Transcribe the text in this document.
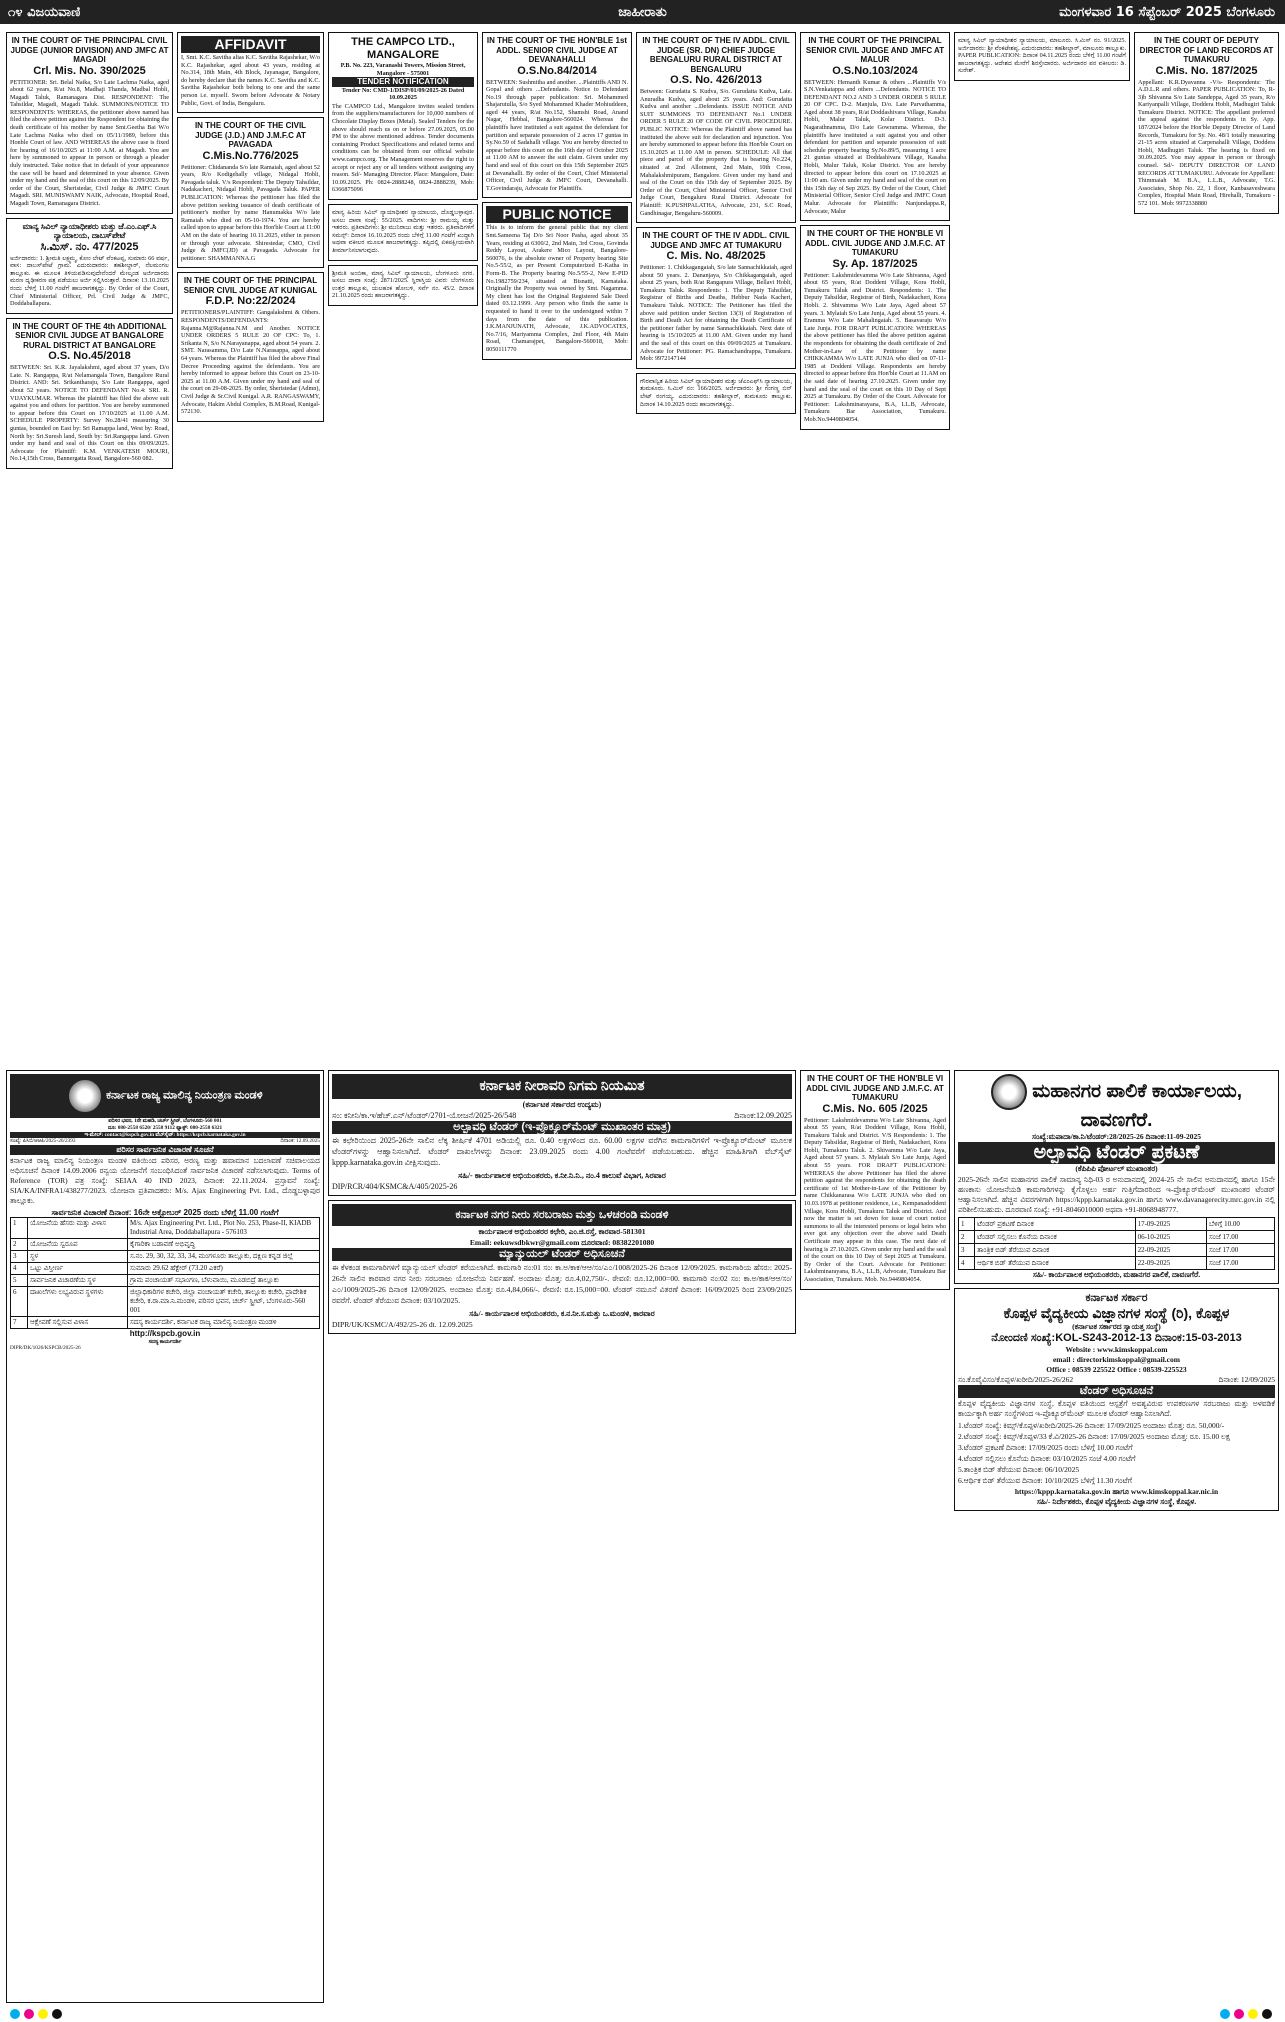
೧೪ ವಿಜಯವಾಣಿ	ಜಾಹೀರಾತು	ಮಂಗಳವಾರ 16 ಸೆಪ್ಟೆಂಬರ್ 2025 ಬೆಂಗಳೂರು
IN THE COURT OF THE PRINCIPAL CIVIL JUDGE (JUNIOR DIVISION) AND JMFC AT MAGADI
Crl. Mis. No. 390/2025

PETITIONER: Sri. Belal Naika, S/o Late Lachma Naika, aged about 62 years, R/at No.8, Madhaji Thanda, Madbal Hobli, Magadi Taluk, Ramanagara Dist. RESPONDENT: The Tahsildar, Magadi, Magadi Taluk. SUMMONS/NOTICE TO RESPONDENTS: WHEREAS, the petitioner above named has filed the above petition against the Respondent for obtaining the death certificate of his mother by name Smt.Geetha Bai W/o Late Lachma Naika who died on 05/11/1989, before this Honble Court of law. AND WHEREAS the above case is fixed for hearing of 16/10/2025 at 11:00 A.M. at Magadi. You are here by summoned to appear in person or through a pleader duly instructed. Take notice that in default of your appearance the case will be heard and determined in your absence. Given under my hand and the seal of this court on this 12/09/2025. By order of the Court, Sheristedar, Civil Judge & JMFC Court Magadi. SRI. MUNISWAMY NAIK, Advocate, Hospital Road, Magadi Town, Ramanagara District.

ಮಾನ್ಯ ಸಿವಿಲ್ ನ್ಯಾಯಾಧೀಶರು ಮತ್ತು ಜೆ.ಎಂ.ಎಫ್.ಸಿ ನ್ಯಾಯಾಲಯ, ದಾಬಸ್‌ಪೇಟೆ
ಸಿ.ಮಿಸ್. ನಂ. 477/2025

ಅರ್ಜಿದಾರರು: 1. ಶ್ರೀಮತಿ ಲಕ್ಷ್ಮಮ್ಮ, ಕೋಂ ಲೇಟ್ ವೆಂಕಟಪ್ಪ, ಸುಮಾರು 66 ವರ್ಷ, ವಾಸ: ದಾಬಸ್‌ಪೇಟೆ ಗ್ರಾಮ. ಎದುರುದಾರರು: ತಹಶೀಲ್ದಾರ್, ನೆಲಮಂಗಲ ತಾಲ್ಲೂಕು. ಈ ಮೂಲಕ ತಿಳಿಯಪಡಿಸುವುದೇನೆಂದರೆ ಮೇಲ್ಕಂಡ ಅರ್ಜಿದಾರರು ಮರಣ ದೃಢೀಕರಣ ಪತ್ರ ಪಡೆಯಲು ಅರ್ಜಿ ಸಲ್ಲಿಸಿರುತ್ತಾರೆ. ದಿನಾಂಕ: 13.10.2025 ರಂದು ಬೆಳಿಗ್ಗೆ 11.00 ಗಂಟೆಗೆ ಹಾಜರಾಗತಕ್ಕದ್ದು. By Order of the Court, Chief Ministerial Officer, Prl. Civil Judge & JMFC, Doddaballapura.

IN THE COURT OF THE 4th ADDITIONAL SENIOR CIVIL JUDGE AT BANGALORE RURAL DISTRICT AT BANGALORE
O.S. No.45/2018

BETWEEN: Sri. K.R. Jayalakshmi, aged about 37 years, D/o Late. N. Rangappa, R/at Nelamangala Town, Bangalore Rural District. AND: Sri. Srikantharaju, S/o Late Rangappa, aged about 52 years. NOTICE TO DEFENDANT No.4: SRI. R. VIJAYKUMAR. Whereas the plaintiff has filed the above suit against you and others for partition. You are hereby summoned to appear before this Court on 17/10/2025 at 11.00 A.M. SCHEDULE PROPERTY: Survey No.28/41 measuring 30 guntas, bounded on East by: Sri Ramappa land, West by: Road, North by: Sri.Suresh land, South by: Sri.Rangappa land. Given under my hand and seal of this Court on this 09/09/2025. Advocate for Plaintiff: K.M. VENKATESH MOURI, No.14,15th Cross, Bannergatta Road, Bangalore-560 082.

AFFIDAVIT

I, Smt. K.C. Savitha alias K.C. Savitha Rajashekar, W/o K.C. Rajashekar, aged about 43 years, residing at No.314, 18th Main, 4th Block, Jayanagar, Bangalore, do hereby declare that the names K.C. Savitha and K.C. Savitha Rajashekar both belong to one and the same person i.e. myself. Sworn before Advocate & Notary Public, Govt. of India, Bengaluru.

IN THE COURT OF THE CIVIL JUDGE (J.D.) AND J.M.F.C AT PAVAGADA
C.Mis.No.776/2025

Petitioner: Chidananda S/o late Ramaiah, aged about 52 years, R/o Kodigehally village, Nidagal Hobli, Pavagada taluk. V/s Respondent: The Deputy Tahsildar, Nadakacheri, Nidagal Hobli, Pavagada Taluk. PAPER PUBLICATION: Whereas the petitioner has filed the above petition seeking issuance of death certificate of petitioner's mother by name Hanumakka W/o late Ramaiah who died on 05-10-1974. You are hereby called upon to appear before this Hon'ble Court at 11:00 AM on the date of hearing 10.11.2025, either in person or through your advocate. Shirestedar, CMO, Civil Judge & JMFC(JD) at Pavagada. Advocate for petitioner: SHAMMANNA.G

IN THE COURT OF THE PRINCIPAL SENIOR CIVIL JUDGE AT KUNIGAL
F.D.P. No:22/2024

PETITIONERS/PLAINTIFF: Gangalakshmi & Others. RESPONDENTS/DEFENDANTS: Rajanna.M@Rajanna.N.M and Another. NOTICE UNDER ORDERS 5 RULE 20 OF CPC: To, 1. Srikanta N, S/o N.Narayanappa, aged about 54 years. 2. SMT. Narasamma, D/o Late N.Narasappa, aged about 64 years. Whereas the Plaintiff has filed the above Final Decree Proceeding against the defendants. You are hereby informed to appear before this Court on 23-10-2025 at 11.00 A.M. Given under my hand and seal of the court on 29-08-2025. By order, Sheristedar (Admn), Civil Judge & Sr.Civil Kunigal. A.R. RANGASWAMY, Advocate, Hakim Abdul Complex, B.M.Road, Kunigal-572130.

THE CAMPCO LTD., MANGALORE
P.B. No. 223, Varanashi Towers, Mission Street, Mangalore - 575001
TENDER NOTIFICATION
Tender No: CMD-1/DISP/01/09/2025-26 Dated 10.09.2025

The CAMPCO Ltd., Mangalore invites sealed tenders from the suppliers/manufacturers for 10,000 numbers of Chocolate Display Boxes (Metal). Sealed Tenders for the above should reach us on or before 27.09.2025, 05.00 PM to the above mentioned address. Tender documents containing Product Specifications and related terms and conditions can be obtained from our official website www.campco.org. The Management reserves the right to accept or reject any or all tenders without assigning any reason. Sd/- Managing Director. Place: Mangalore, Date: 10.09.2025. Ph: 0824-2888248, 0824-2888239, Mob: 6366875096

ಮಾನ್ಯ ಹಿರಿಯ ಸಿವಿಲ್ ನ್ಯಾಯಾಧೀಶರ ನ್ಯಾಯಾಲಯ, ದೊಡ್ಡಬಳ್ಳಾಪುರ. ಅಸಲು ದಾವಾ ಸಂಖ್ಯೆ: 55/2025. ವಾದಿಗಳು: ಶ್ರೀ ರಾಮಯ್ಯ ಮತ್ತು ಇತರರು. ಪ್ರತಿವಾದಿಗಳು: ಶ್ರೀ ಮುನಿರಾಜು ಮತ್ತು ಇತರರು. ಪ್ರತಿವಾದಿಗಳಿಗೆ ಸಮನ್ಸ್: ದಿನಾಂಕ 16.10.2025 ರಂದು ಬೆಳಿಗ್ಗೆ 11.00 ಗಂಟೆಗೆ ಖುದ್ದಾಗಿ ಅಥವಾ ವಕೀಲರ ಮೂಲಕ ಹಾಜರಾಗತಕ್ಕದ್ದು. ತಪ್ಪಿದಲ್ಲಿ ಏಕಪಕ್ಷೀಯವಾಗಿ ತೀರ್ಮಾನಿಸಲಾಗುವುದು.

ಶ್ರೀಮತಿ ಅಂಬಿಕಾ, ಮಾನ್ಯ ಸಿವಿಲ್ ನ್ಯಾಯಾಲಯ, ಬೆಂಗಳೂರು ನಗರ. ಅಸಲು ದಾವಾ ಸಂಖ್ಯೆ: 2871/2025. ಸ್ಥಿರಾಸ್ತಿಯ ವಿವರ: ಬೆಂಗಳೂರು ಉತ್ತರ ತಾಲ್ಲೂಕು, ಯಲಹಂಕ ಹೋಬಳಿ, ಸರ್ವೆ ನಂ. 45/2. ದಿನಾಂಕ 21.10.2025 ರಂದು ಹಾಜರಾಗತಕ್ಕದ್ದು.

IN THE COURT OF THE HON'BLE 1st ADDL. SENIOR CIVIL JUDGE AT DEVANAHALLI
O.S.No.84/2014

BETWEEN: Sushmitha and another. ...Plaintiffs AND N. Gopal and others ...Defendants. Notice to Defendant No.19 through paper publication: Sri. Mohammed Shajarutulla, S/o Syed Mohammed Khader Mohiuddeen, aged 44 years, R/at No.152, Shamshi Road, Anand Nagar, Hebbal, Bangalore-560024. Whereas the plaintiffs have instituted a suit against the defendant for partition and separate possession of 2 acres 17 guntas in Sy.No.59 of Sadahalli village. You are hereby directed to appear before this court on the 16th day of October 2025 at 11.00 AM to answer the suit claim. Given under my hand and seal of this court on this 15th September 2025 at Devanahalli. By order of the Court, Chief Ministerial Officer, Civil Judge & JMFC Court, Devanahalli. T.Govindaraju, Advocate for Plaintiffs.

PUBLIC NOTICE

This is to inform the general public that my client Smt.Sameena Taj D/o Sri Noor Pasha, aged about 35 Years, residing at 6300/2, 2nd Main, 3rd Cross, Govinda Reddy Layout, Arakere Mico Layout, Bangalore-560076, is the absolute owner of Property bearing Site No.5-55/2, as per Present Computerized E-Katha in Form-B. The Property bearing No.5/55-2, New E-PID No.1982759/234, situated at Bisnatti, Karnataka. Originally the Property was owned by Smt. Nagamma. My client has lost the Original Registered Sale Deed dated 03.12.1999. Any person who finds the same is requested to hand it over to the undersigned within 7 days from the date of this publication. J.K.MANJUNATH, Advocate, J.K.ADVOCATES, No.7/16, Mariyamma Complex, 2nd Floor, 4th Main Road, Chamarajpet, Bangalore-560018, Mob: 8050111770

IN THE COURT OF THE IV ADDL. CIVIL JUDGE (SR. DN) CHIEF JUDGE BENGALURU RURAL DISTRICT AT BENGALURU
O.S. No. 426/2013

Between: Gurudatta S. Kudva, S/o. Gurudatta Kudva, Late. Anuradha Kudva, aged about 25 years. And: Gurudatta Kudva and another ...Defendants. ISSUE NOTICE AND SUIT SUMMONS TO DEFENDANT No.1 UNDER ORDER 5 RULE 20 OF CODE OF CIVIL PROCEDURE. PUBLIC NOTICE: Whereas the Plaintiff above named has instituted the above suit for declaration and injunction. You are hereby summoned to appear before this Hon'ble Court on 15.10.2025 at 11.00 AM in person. SCHEDULE: All that piece and parcel of the property that is bearing No.224, situated at 2nd Allotment, 2nd Main, 10th Cross, Mahalakshmipuram, Bangalore. Given under my hand and seal of the Court on this 15th day of September 2025. By Order of the Court, Chief Ministerial Officer, Senior Civil Judge Court, Bengaluru Rural District. Advocate for Plaintiff: K.PUSHPALATHA, Advocate, 231, S.C Road, Gandhinagar, Bengaluru-560009.

IN THE COURT OF THE IV ADDL. CIVIL JUDGE AND JMFC AT TUMAKURU
C. Mis. No. 48/2025

Petitioner: 1. Chikkagangaiah, S/o late Sannachikkaiah, aged about 50 years. 2. Dananjaya, S/o Chikkagangaiah, aged about 25 years, both R/at Rangapura Village, Bellavi Hobli, Tumakuru Taluk. Respondents: 1. The Deputy Tahsildar, Registrar of Births and Deaths, Hebbur Nada Kacheri, Tumakuru Taluk. NOTICE: The Petitioner has filed the above said petition under Section 13(3) of Registration of Birth and Death Act for obtaining the Death Certificate of the petitioner father by name Sannachikkaiah. Next date of hearing is 15/10/2025 at 11.00 AM. Given under my hand and the seal of this court on this 09/09/2025 at Tumakuru. Advocate for Petitioner: PG. Ramachandrappa, Tumakuru. Mob: 9972147144

ಗೌರವಾನ್ವಿತ ಹಿರಿಯ ಸಿವಿಲ್ ನ್ಯಾಯಾಧೀಶರ ಮತ್ತು ಜೆಎಂಎಫ್‌ಸಿ ನ್ಯಾಯಾಲಯ, ತುಮಕೂರು. ಸಿ.ಮಿಸ್ ನಂ: 166/2025. ಅರ್ಜಿದಾರರು: ಶ್ರೀ ಗಂಗಣ್ಣ ಬಿನ್ ಲೇಟ್ ರಂಗಯ್ಯ. ಎದುರುದಾರರು: ತಹಶೀಲ್ದಾರ್, ತುಮಕೂರು ತಾಲ್ಲೂಕು. ದಿನಾಂಕ 14.10.2025 ರಂದು ಹಾಜರಾಗತಕ್ಕದ್ದು.

IN THE COURT OF THE PRINCIPAL SENIOR CIVIL JUDGE AND JMFC AT MALUR
O.S.No.103/2024

BETWEEN: Hemanth Kumar & others ...Plaintiffs V/s S.N.Venkatappa and others ...Defendants. NOTICE TO DEFENDANT NO.2 AND 3 UNDER ORDER 5 RULE 20 OF CPC. D-2. Manjula, D/o. Late Parvathamma, Aged about 38 years, R/at Doddashivara Village, Kasaba Hobli, Malur Taluk, Kolar District. D-3. Nagarathnamma, D/o Late Gowramma. Whereas, the plaintiffs have instituted a suit against you and other defendant for partition and separate possession of suit schedule property bearing Sy.No.89/5, measuring 1 acre 21 guntas situated at Doddashivara Village, Kasaba Hobli, Malur Taluk, Kolar District. You are hereby directed to appear before this court on 17.10.2025 at 11:00 am. Given under my hand and seal of the court on this 15th day of Sep 2025. By Order of the Court, Chief Ministerial Officer, Senior Civil Judge and JMFC Court Malur. Advocate for Plaintiffs: Nanjundappa.R, Advocate, Malur

IN THE COURT OF THE HON'BLE VI ADDL. CIVIL JUDGE AND J.M.F.C. AT TUMAKURU
Sy. Ap. 187/2025

Petitioner: Lakshmidevamma W/o Late Shivanna, Aged about 65 years, R/at Doddeni Village, Kora Hobli, Tumakuru Taluk and District. Respondents: 1. The Deputy Tahsildar, Registrar of Birth, Nadakacheri, Kora Hobli. 2. Shivamma W/o Late Jaya, Aged about 57 years. 3. Mylaiah S/o Late Junja, Aged about 55 years. 4. Eramma W/o Late Mahalingaiah. 5. Basavaraju W/o Late Junja. FOR DRAFT PUBLICATION: WHEREAS the above petitioner has filed the above petition against the respondents for obtaining the death certificate of 2nd Mother-in-Law of the Petitioner by name CHIKKAMMA W/o LATE JUNJA who died on 07-11-1985 at Doddeni Village. Respondents are hereby directed to appear before this Hon'ble Court at 11.AM on the said date of hearing 27.10.2025. Given under my hand and the seal of the court on this 10 Day of Sept 2025 at Tumakuru. By Order of the Court. Advocate for Petitioner: Lakshminarayana, B.A, LL.B, Advocate, Tumakuru Bar Association, Tumakuru. Mob.No.9449804054.

ಮಾನ್ಯ ಸಿವಿಲ್ ನ್ಯಾಯಾಧೀಶರ ನ್ಯಾಯಾಲಯ, ಮಾಲೂರು. ಸಿ.ಮಿಸ್ ನಂ. 91/2025. ಅರ್ಜಿದಾರರು: ಶ್ರೀ ವೆಂಕಟೇಶಪ್ಪ. ಎದುರುದಾರರು: ತಹಶೀಲ್ದಾರ್, ಮಾಲೂರು ತಾಲ್ಲೂಕು. PAPER PUBLICATION: ದಿನಾಂಕ 04.11.2025 ರಂದು ಬೆಳಿಗ್ಗೆ 11.00 ಗಂಟೆಗೆ ಹಾಜರಾಗತಕ್ಕದ್ದು. ಆದೇಶದ ಮೇರೆಗೆ ಶಿರಸ್ತೇದಾರರು. ಅರ್ಜಿದಾರರ ಪರ ವಕೀಲರು: ಡಿ. ಸುರೇಶ್.

IN THE COURT OF DEPUTY DIRECTOR OF LAND RECORDS AT TUMAKURU
C.Mis. No. 187/2025

Appellant: K.R.Dyavanna -V/s- Respondents: The A.D.L.R and others. PAPER PUBLICATION: To, R-3)b Shivanna S/o Late Sandeppa, Aged 35 years, R/o Kariyanpalli Village, Doddera Hobli, Madhugiri Taluk Tumakuru District. NOTICE: The appellant preferred the appeal against the respondents in Sy. App. 187/2024 before the Hon'ble Deputy Director of Land Records, Tumakuru for Sy. No. 48/1 totally measuring 21-15 acres situated at Carpenahalli Village, Doddera Hobli, Madhugiri Taluk. The hearing is fixed on 30.09.2025. You may appear in person or through counsel. Sd/- DEPUTY DIRECTOR OF LAND RECORDS AT TUMAKURU. Advocate for Appellant: Thimmaiah M. B.A., L.L.B., Advocate, T.G. Associates, Shop No. 22, 1 floor, Kanbasaveshwara Complex, Hospital Main Road, Hirehalli, Tumakuru - 572 101. Mob: 9972338880

ಕರ್ನಾಟಕ ರಾಜ್ಯ ಮಾಲಿನ್ಯ ನಿಯಂತ್ರಣ ಮಂಡಳಿ
ಪರಿಸರ ಭವನ, 1ನೇ ಮಹಡಿ, ಚರ್ಚ್ ಸ್ಟ್ರೀಟ್, ಬೆಂಗಳೂರು-560 001
ದೂ: 080-2558 6520/ 2558 9112 ಫ್ಯಾಕ್ಸ್: 080-2558 6321
ಇ-ಮೇಲ್: contact@kspcb.gov.in ವೆಬ್‌ಸೈಟ್: https://kspcb.karnataka.gov.in
ಸಂಖ್ಯೆ: ಪಿಸಿಬಿ/ಆಆಪಿ/2025-26/2393	ದಿನಾಂಕ: 12.09.2025
ಪರಿಸರ ಸಾರ್ವಜನಿಕ ವಿಚಾರಣೆ ಸೂಚನೆ

ಕರ್ನಾಟಕ ರಾಜ್ಯ ಮಾಲಿನ್ಯ ನಿಯಂತ್ರಣ ಮಂಡಳಿ ವತಿಯಿಂದ ಪರಿಸರ, ಅರಣ್ಯ ಮತ್ತು ಹವಾಮಾನ ಬದಲಾವಣೆ ಸಚಿವಾಲಯದ ಅಧಿಸೂಚನೆ ದಿನಾಂಕ 14.09.2006 ರನ್ವಯ ಯೋಜನೆಗೆ ಸಂಬಂಧಿಸಿದಂತೆ ಸಾರ್ವಜನಿಕ ವಿಚಾರಣೆ ನಡೆಸಲಾಗುವುದು. Terms of Reference (TOR) ಪತ್ರ ಸಂಖ್ಯೆ: SEIAA 40 IND 2023, ದಿನಾಂಕ: 22.11.2024. ಪ್ರಸ್ತಾವನೆ ಸಂಖ್ಯೆ: SIA/KA/INFRA1/438277/2023. ಯೋಜನಾ ಪ್ರತಿಪಾದಕರು: M/s. Ajax Engineering Pvt. Ltd., ದೊಡ್ಡಬಳ್ಳಾಪುರ ತಾಲ್ಲೂಕು.

ಸಾರ್ವಜನಿಕ ವಿಚಾರಣೆ ದಿನಾಂಕ: 16ನೇ ಅಕ್ಟೋಬರ್ 2025 ರಂದು ಬೆಳಿಗ್ಗೆ 11.00 ಗಂಟೆಗೆ
1	ಯೋಜನೆಯ ಹೆಸರು ಮತ್ತು ವಿಳಾಸ	M/s. Ajax Engineering Pvt. Ltd., Plot No. 253, Phase-II, KIADB Industrial Area, Doddaballapura - 576103
2	ಯೋಜನೆಯ ಸ್ವರೂಪ	ಕೈಗಾರಿಕಾ ಬಡಾವಣೆ ಅಭಿವೃದ್ಧಿ
3	ಸ್ಥಳ	ಸ.ನಂ. 29, 30, 32, 33, 34, ಮಂಗಳೂರು ತಾಲ್ಲೂಕು, ದಕ್ಷಿಣ ಕನ್ನಡ ಜಿಲ್ಲೆ
4	ಒಟ್ಟು ವಿಸ್ತೀರ್ಣ	ಸುಮಾರು 29.62 ಹೆಕ್ಟೇರ್ (73.20 ಎಕರೆ)
5	ಸಾರ್ವಜನಿಕ ವಿಚಾರಣೆಯ ಸ್ಥಳ	ಗ್ರಾಮ ಪಂಚಾಯತ್ ಸಭಾಂಗಣ, ಬೆಳುವಾಯಿ, ಮೂಡಬಿದ್ರೆ ತಾಲ್ಲೂಕು
6	ದಾಖಲೆಗಳು ಲಭ್ಯವಿರುವ ಸ್ಥಳಗಳು	ಜಿಲ್ಲಾಧಿಕಾರಿಗಳ ಕಚೇರಿ, ಜಿಲ್ಲಾ ಪಂಚಾಯತ್ ಕಚೇರಿ, ತಾಲ್ಲೂಕು ಕಚೇರಿ, ಪ್ರಾದೇಶಿಕ ಕಚೇರಿ, ಕ.ರಾ.ಮಾ.ನಿ.ಮಂಡಳಿ, ಪರಿಸರ ಭವನ, ಚರ್ಚ್ ಸ್ಟ್ರೀಟ್, ಬೆಂಗಳೂರು-560 001
7	ಆಕ್ಷೇಪಣೆ ಸಲ್ಲಿಸುವ ವಿಳಾಸ	ಸದಸ್ಯ ಕಾರ್ಯದರ್ಶಿ, ಕರ್ನಾಟಕ ರಾಜ್ಯ ಮಾಲಿನ್ಯ ನಿಯಂತ್ರಣ ಮಂಡಳಿ
http://kspcb.gov.in
ಸದಸ್ಯ ಕಾರ್ಯದರ್ಶಿ
DIPR/DK/1026/KSPCB/2025-26
ಕರ್ನಾಟಕ ನೀರಾವರಿ ನಿಗಮ ನಿಯಮಿತ
(ಕರ್ನಾಟಕ ಸರ್ಕಾರದ ಉದ್ಯಮ)
ಸಂ: ಕನೀನಿ/ಕಾ.ಇ/ಹೆಚ್.ಎನ್/ಟೆಂಡರ್/2701-ಯೋಜನೆ/2025-26/548	ದಿನಾಂಕ:12.09.2025
ಅಲ್ಪಾವಧಿ ಟೆಂಡರ್ (ಇ-ಪ್ರೊಕ್ಯೂರ್‌ಮೆಂಟ್ ಮುಖಾಂತರ ಮಾತ್ರ)

ಈ ಕಛೇರಿಯಿಂದ 2025-26ನೇ ಸಾಲಿನ ಲೆಕ್ಕ ಶೀರ್ಷಿಕೆ 4701 ಅಡಿಯಲ್ಲಿ ರೂ. 0.40 ಲಕ್ಷಗಳಿಂದ ರೂ. 60.00 ಲಕ್ಷಗಳ ವರೆಗಿನ ಕಾಮಗಾರಿಗಳಿಗೆ ಇ-ಪ್ರೊಕ್ಯೂರ್‌ಮೆಂಟ್ ಮೂಲಕ ಟೆಂಡರ್‌ಗಳನ್ನು ಆಹ್ವಾನಿಸಲಾಗಿದೆ. ಟೆಂಡರ್ ದಾಖಲೆಗಳನ್ನು ದಿನಾಂಕ: 23.09.2025 ರಂದು 4.00 ಗಂಟೆವರೆಗೆ ಪಡೆಯಬಹುದು. ಹೆಚ್ಚಿನ ಮಾಹಿತಿಗಾಗಿ ವೆಬ್‌ಸೈಟ್ kppp.karnataka.gov.in ವೀಕ್ಷಿಸುವುದು.

ಸಹಿ/- ಕಾರ್ಯಪಾಲಕ ಅಭಿಯಂತರರು, ಕ.ನೀ.ನಿ.ನಿ., ನಂ.4 ಕಾಲುವೆ ವಿಭಾಗ, ಸಿರವಾರ
DIP/RCR/404/KSMC&A/405/2025-26
ಕರ್ನಾಟಕ ನಗರ ನೀರು ಸರಬರಾಜು ಮತ್ತು ಒಳಚರಂಡಿ ಮಂಡಳಿ
ಕಾರ್ಯಪಾಲಕ ಅಭಿಯಂತರರ ಕಛೇರಿ, ಎಂ.ಜಿ.ರಸ್ತೆ, ಕಾರವಾರ-581301
Email: eekuwsdbkwr@gmail.com ದೂರವಾಣಿ: 08382201080
ಮ್ಯಾನ್ಯುಯಲ್ ಟೆಂಡರ್ ಅಧಿಸೂಚನೆ

ಈ ಕೆಳಕಂಡ ಕಾಮಗಾರಿಗಳಿಗೆ ಮ್ಯಾನ್ಯುಯಲ್ ಟೆಂಡರ್ ಕರೆಯಲಾಗಿದೆ. ಕಾಮಗಾರಿ ನಂ:01 ಸಂ: ಕಾ.ಅ/ಕಾಕ/ಆಆ/ಸಂ/ಎ೦/1008/2025-26 ದಿನಾಂಕ 12/09/2025. ಕಾಮಗಾರಿಯ ಹೆಸರು: 2025-26ನೇ ಸಾಲಿನ ಕಾರವಾರ ನಗರ ನೀರು ಸರಬರಾಜು ಯೋಜನೆಯ ನಿರ್ವಹಣೆ. ಅಂದಾಜು ಮೊತ್ತ: ರೂ.4,02,750/-. ಠೇವಣಿ: ರೂ.12,000=00. ಕಾಮಗಾರಿ ನಂ:02 ಸಂ: ಕಾ.ಅ/ಕಾಕ/ಆಆ/ಸಂ/ಎ೦/1009/2025-26 ದಿನಾಂಕ 12/09/2025. ಅಂದಾಜು ಮೊತ್ತ: ರೂ.4,84,066/-. ಠೇವಣಿ: ರೂ.15,000=00. ಟೆಂಡರ್ ನಮೂನೆ ವಿತರಣೆ ದಿನಾಂಕ: 16/09/2025 ರಿಂದ 23/09/2025 ರವರೆಗೆ. ಟೆಂಡರ್ ತೆರೆಯುವ ದಿನಾಂಕ: 03/10/2025.

ಸಹಿ/- ಕಾರ್ಯಪಾಲಕ ಅಭಿಯಂತರರು, ಕ.ನ.ನೀ.ಸ.ಮತ್ತು ಒ.ಮಂಡಳಿ, ಕಾರವಾರ
DIPR/UK/KSMC/A/492/25-26 dt. 12.09.2025
IN THE COURT OF THE HON'BLE VI ADDL CIVIL JUDGE AND J.M.F.C. AT TUMAKURU
C.Mis. No. 605 /2025

Petitioner: Lakshmidevamma W/o Late Shivanna, Aged about 55 years, R/at Doddeni Village, Kora Hobli, Tumakuru Taluk and District. V/S Respondents: 1. The Deputy Tahsildar, Registrar of Birth, Nadakacheri, Kora Hobli, Tumakuru Taluk. 2. Shivamma W/o Late Jaya, Aged about 57 years. 3. Mylaiah S/o Late Junja, Aged about 55 years. FOR DRAFT PUBLICATION: WHEREAS the above Petitioner has filed the above petition against the respondents for obtaining the death certificate of 1st Mother-in-Law of the Petitioner by name Chikkanarasa W/o LATE JUNJA who died on 10.03.1978 at petitioner residence, i.e., Kempanadoddeni Village, Kora Hobli, Tumakuru Taluk and District. And now the matter is set down for issue of court notice summons to all the interested persons or legal heirs who ever got any objection over the above said Death Certificate may appear in this case. The next date of hearing is 27.10.2025. Given under my hand and the seal of the court on this 10 Day of Sept 2025 at Tumakuru. By Order of the Court. Advocate for Petitioner: Lakshminarayana, B.A., LL.B, Advocate, Tumakuru Bar Association, Tumakuru. Mob. No.9449804054.

ಮಹಾನಗರ ಪಾಲಿಕೆ ಕಾರ್ಯಾಲಯ, ದಾವಣಗೆರೆ.
ಸಂಖ್ಯೆ:ಮಪಾದಾ/ಕಾ.ನಿ/ಟೆಂಡರ್:28/2025-26 ದಿನಾಂಕ:11-09-2025
ಅಲ್ಪಾವಧಿ ಟೆಂಡರ್ ಪ್ರಕಟಣೆ
(ಕೆಪಿಪಿಪಿ ಪೋರ್ಟಲ್ ಮುಖಾಂತರ)

2025-26ನೇ ಸಾಲಿನ ಮಹಾನಗರ ಪಾಲಿಕೆ ಸಾಮಾನ್ಯ ನಿಧಿ-03 ರ ಅನುದಾನದಲ್ಲಿ 2024-25 ನೇ ಸಾಲಿನ ಅನುದಾನದಲ್ಲಿ ಹಾಗೂ 15ನೇ ಹಣಕಾಸು ಯೋಜನೆಯಡಿ ಕಾಮಗಾರಿಗಳನ್ನು ಕೈಗೊಳ್ಳಲು ಅರ್ಹ ಗುತ್ತಿಗೆದಾರರಿಂದ ಇ-ಪ್ರೊಕ್ಯೂರ್‌ಮೆಂಟ್ ಮುಖಾಂತರ ಟೆಂಡರ್ ಆಹ್ವಾನಿಸಲಾಗಿದೆ. ಹೆಚ್ಚಿನ ವಿವರಗಳಿಗಾಗಿ https://kppp.karnataka.gov.in ಹಾಗೂ www.davanagerecity.mrc.gov.in ನಲ್ಲಿ ಪರಿಶೀಲಿಸಬಹುದು. ದೂರವಾಣಿ ಸಂಖ್ಯೆ: +91-8046010000 ಅಥವಾ +91-8068948777.

1	ಟೆಂಡರ್ ಪ್ರಕಟಣೆ ದಿನಾಂಕ	17-09-2025	ಬೆಳಿಗ್ಗೆ 10.00
2	ಟೆಂಡರ್ ಸಲ್ಲಿಸಲು ಕೊನೆಯ ದಿನಾಂಕ	06-10-2025	ಸಂಜೆ 17.00
3	ತಾಂತ್ರಿಕ ಬಿಡ್ ತೆರೆಯುವ ದಿನಾಂಕ	22-09-2025	ಸಂಜೆ 17.00
4	ಆರ್ಥಿಕ ಬಿಡ್ ತೆರೆಯುವ ದಿನಾಂಕ	22-09-2025	ಸಂಜೆ 17.00
ಸಹಿ/- ಕಾರ್ಯಪಾಲಕ ಅಭಿಯಂತರರು, ಮಹಾನಗರ ಪಾಲಿಕೆ, ದಾವಣಗೆರೆ.
ಕರ್ನಾಟಕ ಸರ್ಕಾರ
ಕೊಪ್ಪಳ ವೈದ್ಯಕೀಯ ವಿಜ್ಞಾನಗಳ ಸಂಸ್ಥೆ (ರಿ), ಕೊಪ್ಪಳ
(ಕರ್ನಾಟಕ ಸರ್ಕಾರದ ಸ್ವಾಯತ್ತ ಸಂಸ್ಥೆ)
ನೋಂದಣಿ ಸಂಖ್ಯೆ:KOL-S243-2012-13 ದಿನಾಂಕ:15-03-2013
Website : www.kimskoppal.com
email : directorkimskoppal@gmail.com
Office : 08539 225522 Office : 08539-225523
ಸಂ.ಕೊವೈವಿಸಂ/ಕೊಪ್ಪಳ/ಖರೀದಿ/2025-26/262	ದಿನಾಂಕ: 12/09/2025
ಟೆಂಡರ್ ಅಧಿಸೂಚನೆ

ಕೊಪ್ಪಳ ವೈದ್ಯಕೀಯ ವಿಜ್ಞಾನಗಳ ಸಂಸ್ಥೆ, ಕೊಪ್ಪಳ ವತಿಯಿಂದ ಆಸ್ಪತ್ರೆಗೆ ಅವಶ್ಯವಿರುವ ಉಪಕರಣಗಳ ಸರಬರಾಜು ಮತ್ತು ಅಳವಡಿಕೆ ಕಾರ್ಯಕ್ಕಾಗಿ ಅರ್ಹ ಸಂಸ್ಥೆಗಳಿಂದ ಇ-ಪ್ರೊಕ್ಯೂರ್‌ಮೆಂಟ್ ಮೂಲಕ ಟೆಂಡರ್ ಆಹ್ವಾನಿಸಲಾಗಿದೆ.

1.ಟೆಂಡರ್ ಸಂಖ್ಯೆ: ಕಿಮ್ಸ್/ಕೊಪ್ಪಳ/ಖರೀದಿ/2025-26 ದಿನಾಂಕ: 17/09/2025 ಅಂದಾಜು ಮೊತ್ತ: ರೂ. 50,000/-
2.ಟೆಂಡರ್ ಸಂಖ್ಯೆ: ಕಿಮ್ಸ್/ಕೊಪ್ಪಳ/33 ಕೆ.ವಿ/2025-26 ದಿನಾಂಕ: 17/09/2025 ಅಂದಾಜು ಮೊತ್ತ: ರೂ. 15.00 ಲಕ್ಷ
3.ಟೆಂಡರ್ ಪ್ರಕಟಣೆ ದಿನಾಂಕ: 17/09/2025 ರಂದು ಬೆಳಿಗ್ಗೆ 10.00 ಗಂಟೆಗೆ
4.ಟೆಂಡರ್ ಸಲ್ಲಿಸಲು ಕೊನೆಯ ದಿನಾಂಕ: 03/10/2025 ಸಂಜೆ 4.00 ಗಂಟೆಗೆ
5.ತಾಂತ್ರಿಕ ಬಿಡ್ ತೆರೆಯುವ ದಿನಾಂಕ: 06/10/2025
6.ಆರ್ಥಿಕ ಬಿಡ್ ತೆರೆಯುವ ದಿನಾಂಕ: 10/10/2025 ಬೆಳಿಗ್ಗೆ 11.30 ಗಂಟೆಗೆ
https://kppp.karnataka.gov.in ಹಾಗೂ www.kimskoppal.kar.nic.in
ಸಹಿ/- ನಿರ್ದೇಶಕರು, ಕೊಪ್ಪಳ ವೈದ್ಯಕೀಯ ವಿಜ್ಞಾನಗಳ ಸಂಸ್ಥೆ, ಕೊಪ್ಪಳ.
